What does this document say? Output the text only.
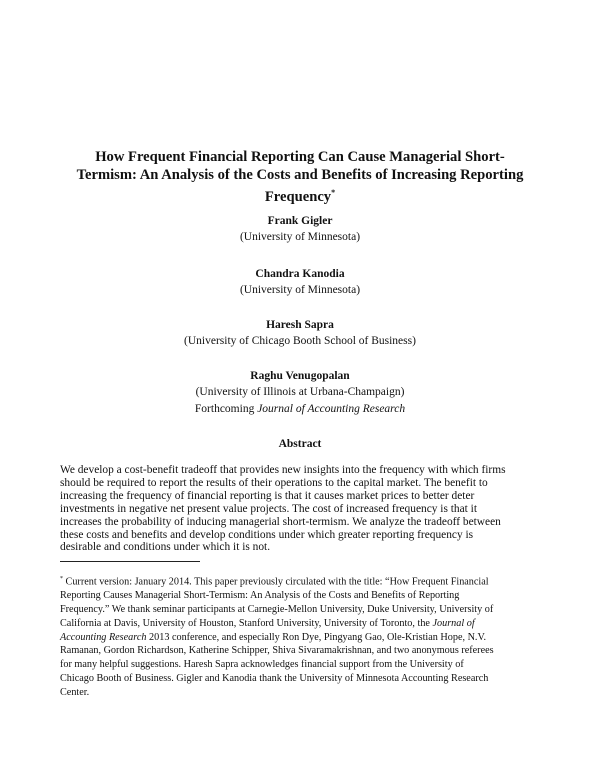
How Frequent Financial Reporting Can Cause Managerial Short-
Termism: An Analysis of the Costs and Benefits of Increasing Reporting
Frequency*
Frank Gigler
(University of Minnesota)
Chandra Kanodia
(University of Minnesota)
Haresh Sapra
(University of Chicago Booth School of Business)
Raghu Venugopalan
(University of Illinois at Urbana-Champaign)
Forthcoming Journal of Accounting Research
Abstract
We develop a cost-benefit tradeoff that provides new insights into the frequency with which firms
should be required to report the results of their operations to the capital market. The benefit to
increasing the frequency of financial reporting is that it causes market prices to better deter
investments in negative net present value projects. The cost of increased frequency is that it
increases the probability of inducing managerial short-termism. We analyze the tradeoff between
these costs and benefits and develop conditions under which greater reporting frequency is
desirable and conditions under which it is not.
* Current version: January 2014. This paper previously circulated with the title: “How Frequent Financial
Reporting Causes Managerial Short-Termism: An Analysis of the Costs and Benefits of Reporting
Frequency.” We thank seminar participants at Carnegie-Mellon University, Duke University, University of
California at Davis, University of Houston, Stanford University, University of Toronto, the Journal of
Accounting Research 2013 conference, and especially Ron Dye, Pingyang Gao, Ole-Kristian Hope, N.V.
Ramanan, Gordon Richardson, Katherine Schipper, Shiva Sivaramakrishnan, and two anonymous referees
for many helpful suggestions. Haresh Sapra acknowledges financial support from the University of
Chicago Booth of Business. Gigler and Kanodia thank the University of Minnesota Accounting Research
Center.
